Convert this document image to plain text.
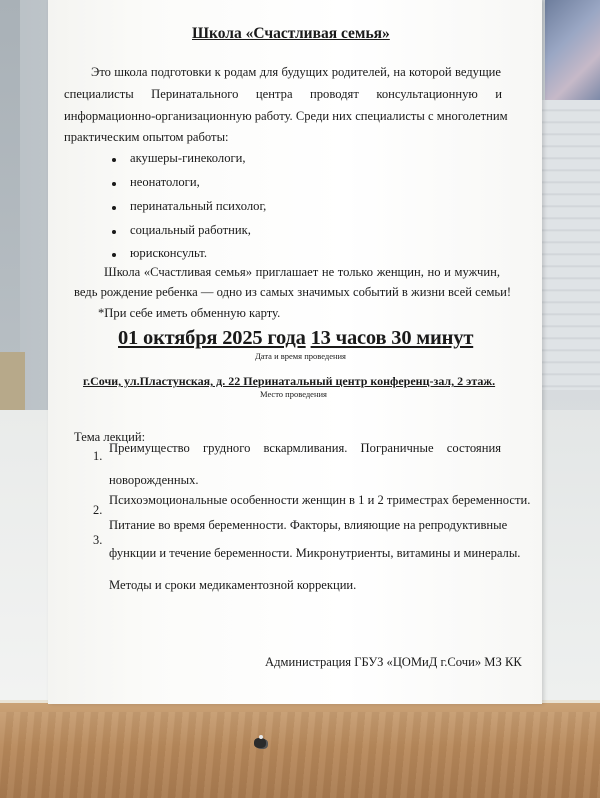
Школа «Счастливая семья»
Это школа подготовки к родам для будущих родителей, на которой ведущие
специалисты Перинатального центра проводят консультационную и
информационно-организационную работу. Среди них специалисты с многолетним
практическим опытом работы:
акушеры-гинекологи,
неонатологи,
перинатальный психолог,
социальный работник,
юрисконсульт.
Школа «Счастливая семья» приглашает не только женщин, но и мужчин,
ведь рождение ребенка — одно из самых значимых событий в жизни всей семьи!
*При себе иметь обменную карту.
01 октября 2025 года 13 часов 30 минут
Дата и время проведения
г.Сочи, ул.Пластунская, д. 22 Перинатальный центр конференц-зал, 2 этаж.
Место проведения
Тема лекций:
1.
Преимущество грудного вскармливания. Пограничные состояния
новорожденных.
2.
Психоэмоциональные особенности женщин в 1 и 2 триместрах беременности.
3.
Питание во время беременности. Факторы, влияющие на репродуктивные
функции и течение беременности. Микронутриенты, витамины и минералы.
Методы и сроки медикаментозной коррекции.
Администрация ГБУЗ «ЦОМиД г.Сочи» МЗ КК
